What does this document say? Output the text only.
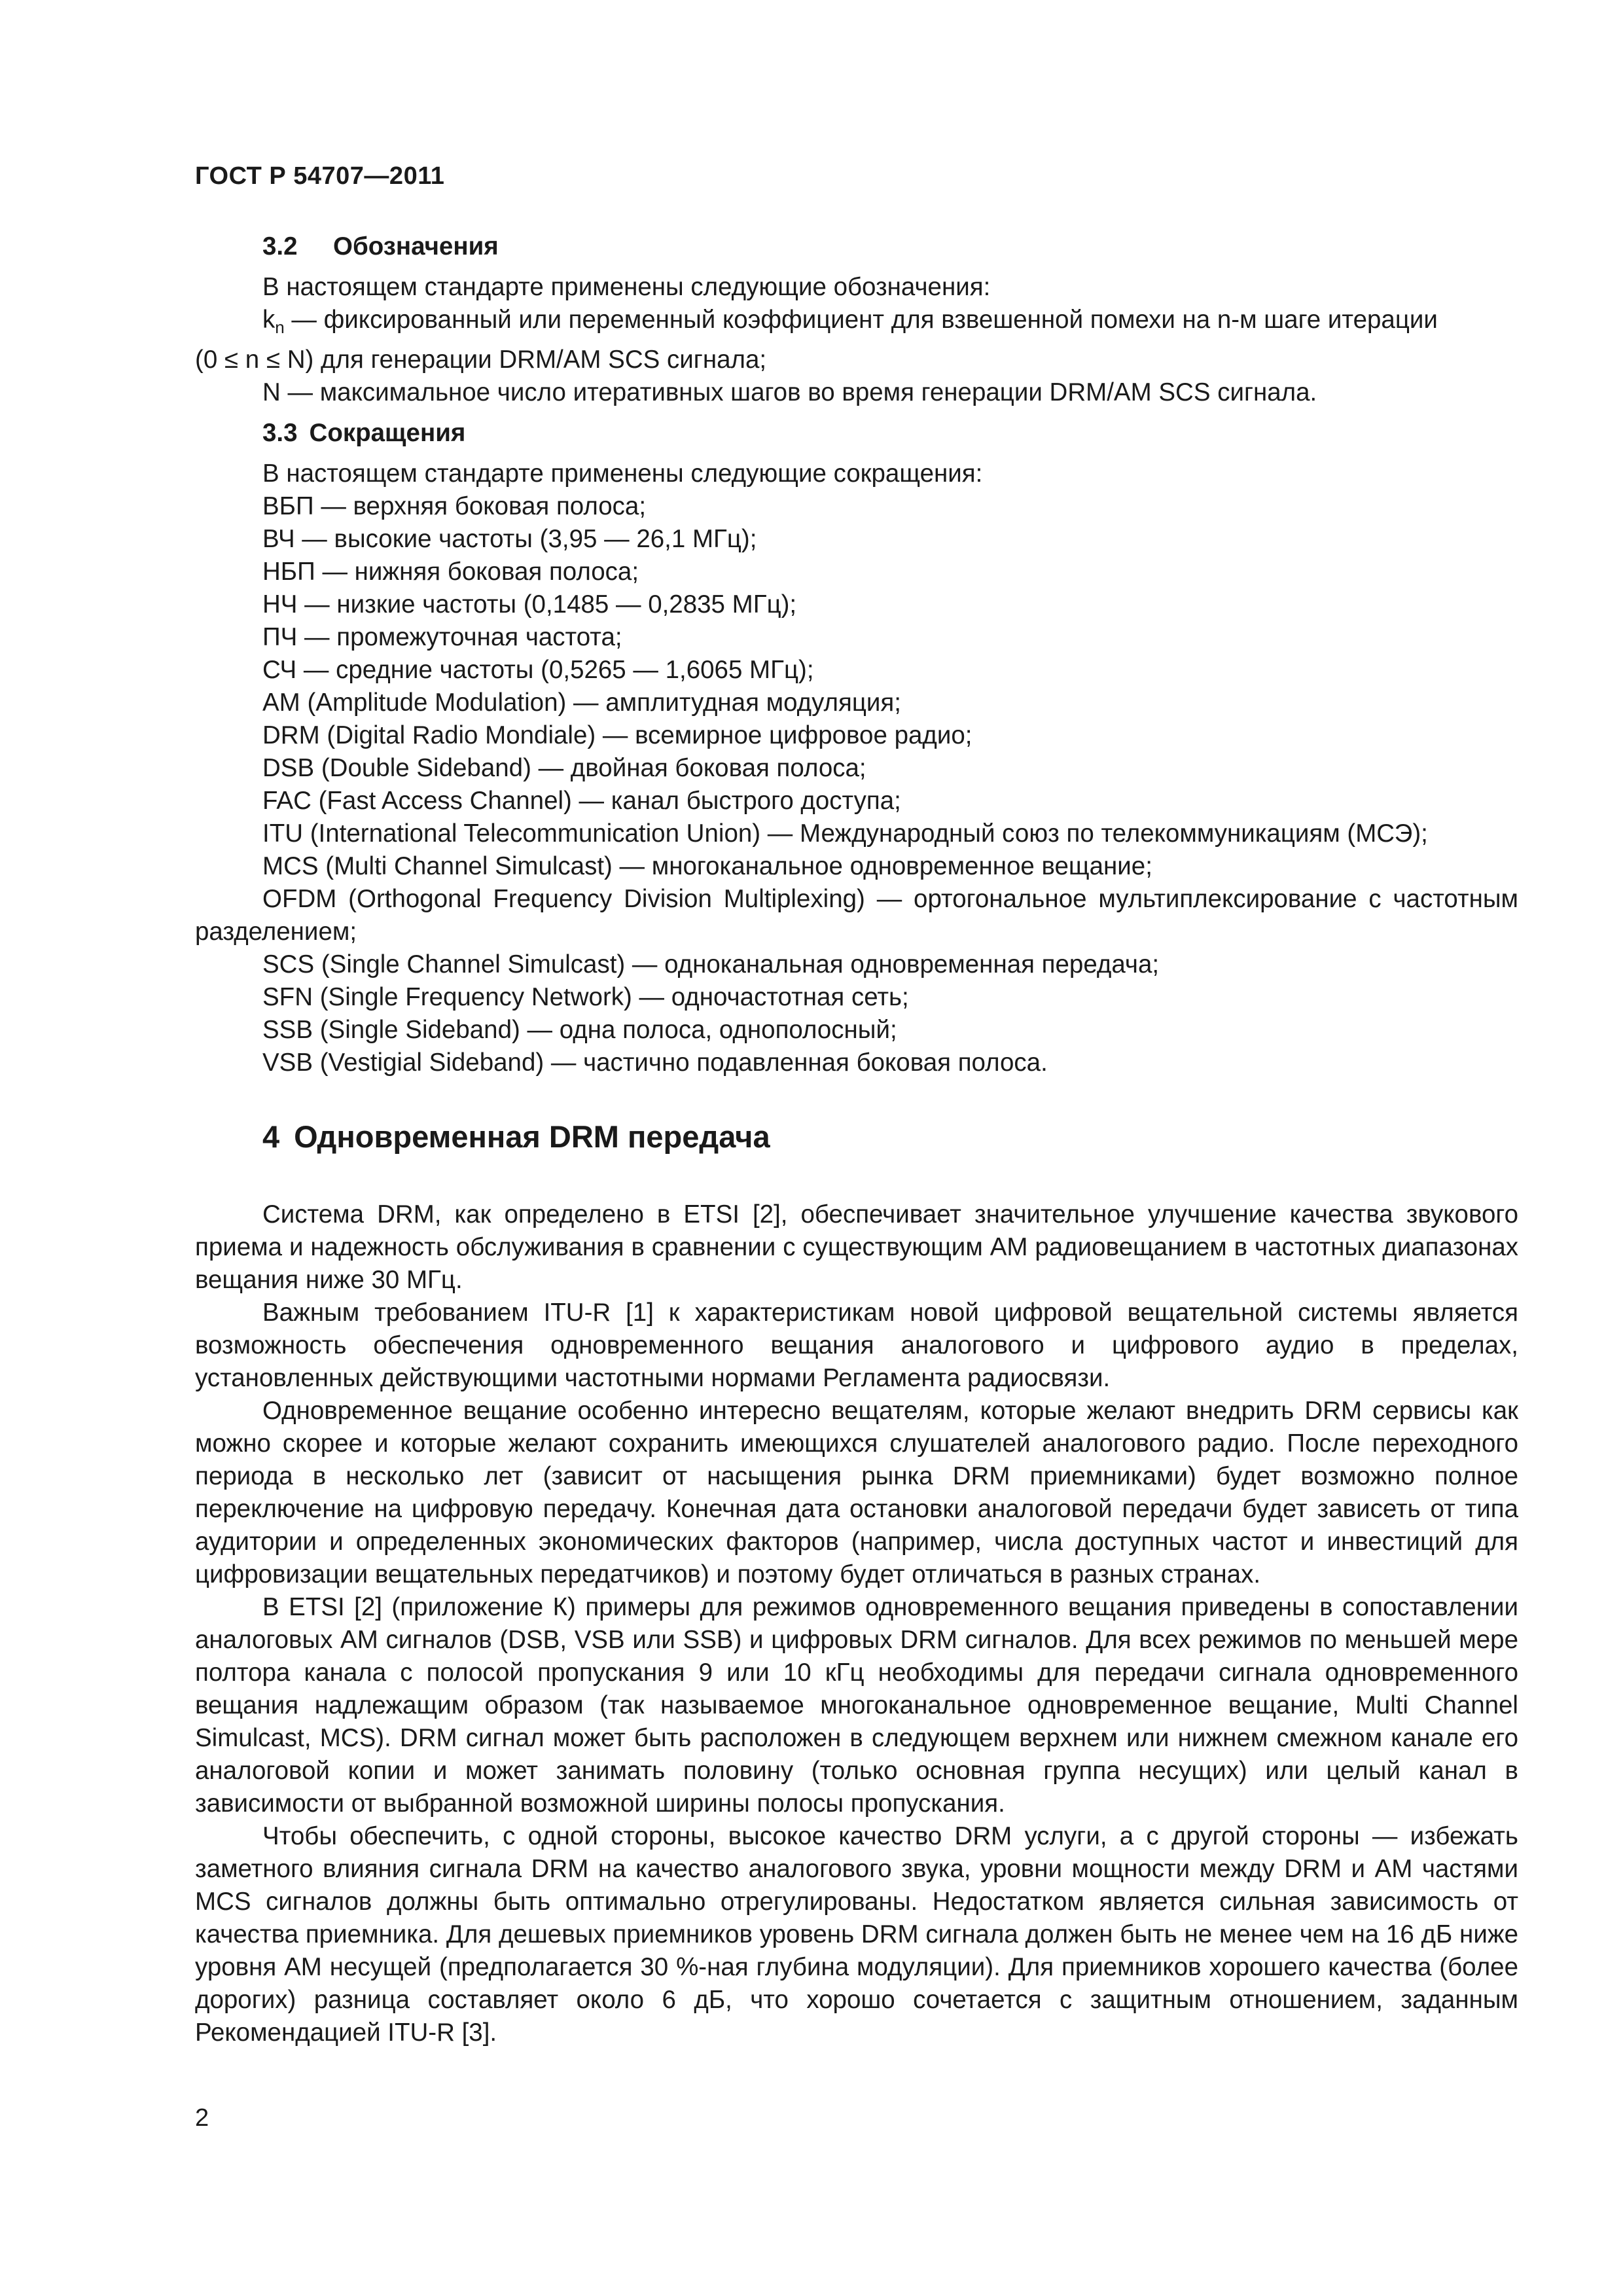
ГОСТ Р 54707—2011
3.2 Обозначения
В настоящем стандарте применены следующие обозначения:
$k_n$ — фиксированный или переменный коэффициент для взвешенной помехи на n-м шаге итерации
(0 ≤ n ≤ N) для генерации DRM/AM SCS сигнала;
N — максимальное число итеративных шагов во время генерации DRM/AM SCS сигнала.
3.3 Сокращения
В настоящем стандарте применены следующие сокращения:
ВБП — верхняя боковая полоса;
ВЧ — высокие частоты (3,95 — 26,1 МГц);
НБП — нижняя боковая полоса;
НЧ — низкие частоты (0,1485 — 0,2835 МГц);
ПЧ — промежуточная частота;
СЧ — средние частоты (0,5265 — 1,6065 МГц);
AM (Amplitude Modulation) — амплитудная модуляция;
DRM (Digital Radio Mondiale) — всемирное цифровое радио;
DSB (Double Sideband) — двойная боковая полоса;
FAC (Fast Access Channel) — канал быстрого доступа;
ITU (International Telecommunication Union) — Международный союз по телекоммуникациям (МСЭ);
MCS (Multi Channel Simulcast) — многоканальное одновременное вещание;
OFDM (Orthogonal Frequency Division Multiplexing) — ортогональное мультиплексирование с частотным разделением;
SCS (Single Channel Simulcast) — одноканальная одновременная передача;
SFN (Single Frequency Network) — одночастотная сеть;
SSB (Single Sideband) — одна полоса, однополосный;
VSB (Vestigial Sideband) — частично подавленная боковая полоса.
4 Одновременная DRM передача
Система DRM, как определено в ETSI [2], обеспечивает значительное улучшение качества звукового приема и надежность обслуживания в сравнении с существующим AM радиовещанием в частотных диапазонах вещания ниже 30 МГц.
Важным требованием ITU-R [1] к характеристикам новой цифровой вещательной системы является возможность обеспечения одновременного вещания аналогового и цифрового аудио в пределах, установленных действующими частотными нормами Регламента радиосвязи.
Одновременное вещание особенно интересно вещателям, которые желают внедрить DRM сервисы как можно скорее и которые желают сохранить имеющихся слушателей аналогового радио. После переходного периода в несколько лет (зависит от насыщения рынка DRM приемниками) будет возможно полное переключение на цифровую передачу. Конечная дата остановки аналоговой передачи будет зависеть от типа аудитории и определенных экономических факторов (например, числа доступных частот и инвестиций для цифровизации вещательных передатчиков) и поэтому будет отличаться в разных странах.
В ETSI [2] (приложение К) примеры для режимов одновременного вещания приведены в сопоставлении аналоговых AM сигналов (DSB, VSB или SSB) и цифровых DRM сигналов. Для всех режимов по меньшей мере полтора канала с полосой пропускания 9 или 10 кГц необходимы для передачи сигнала одновременного вещания надлежащим образом (так называемое многоканальное одновременное вещание, Multi Channel Simulcast, MCS). DRM сигнал может быть расположен в следующем верхнем или нижнем смежном канале его аналоговой копии и может занимать половину (только основная группа несущих) или целый канал в зависимости от выбранной возможной ширины полосы пропускания.
Чтобы обеспечить, с одной стороны, высокое качество DRM услуги, а с другой стороны — избежать заметного влияния сигнала DRM на качество аналогового звука, уровни мощности между DRM и AM частями MCS сигналов должны быть оптимально отрегулированы. Недостатком является сильная зависимость от качества приемника. Для дешевых приемников уровень DRM сигнала должен быть не менее чем на 16 дБ ниже уровня AM несущей (предполагается 30 %-ная глубина модуляции). Для приемников хорошего качества (более дорогих) разница составляет около 6 дБ, что хорошо сочетается с защитным отношением, заданным Рекомендацией ITU-R [3].
2
